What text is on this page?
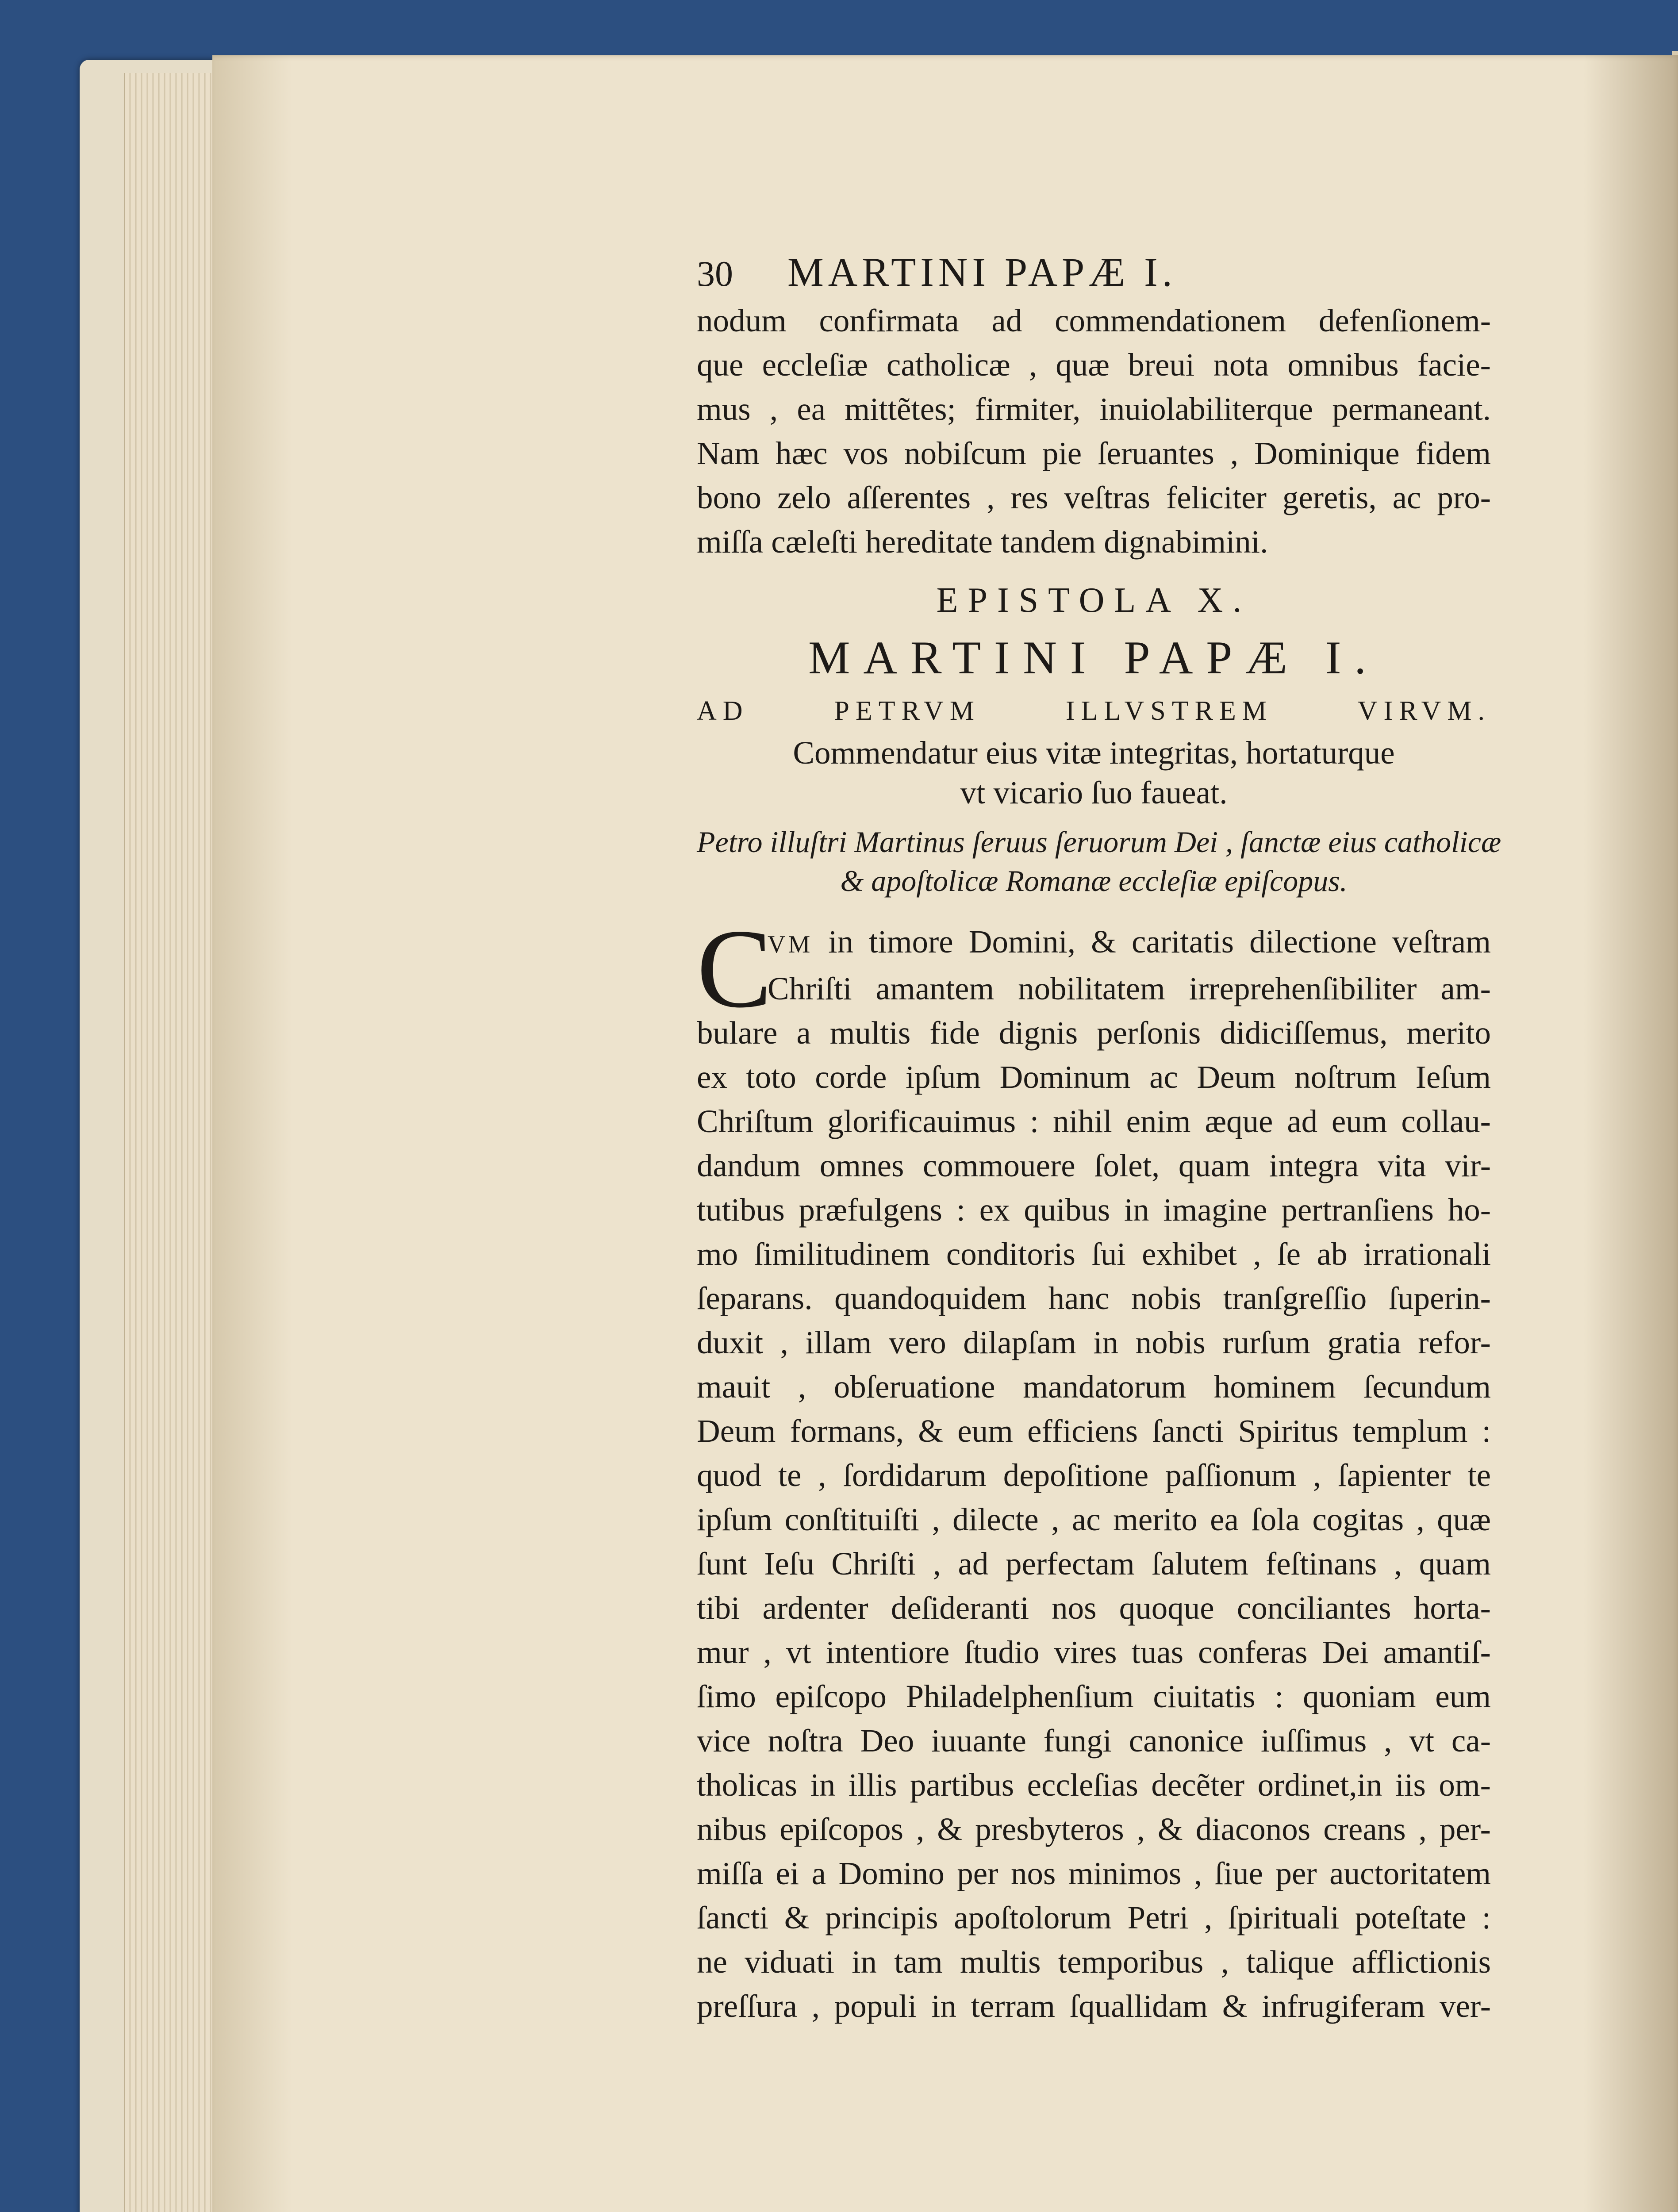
30	MARTINI PAPÆ I.
nodum confirmata ad commendationem defenſionem-
que eccleſiæ catholicæ , quæ breui nota omnibus facie-
mus , ea mittẽtes; firmiter, inuiolabiliterque permaneant.
Nam hæc vos nobiſcum pie ſeruantes , Dominique fidem
bono zelo aſſerentes , res veſtras feliciter geretis, ac pro-
miſſa cæleſti hereditate tandem dignabimini.
EPISTOLA X.
MARTINI PAPÆ I.
AD PETRVM ILLVSTREM VIRVM.
Commendatur eius vitæ integritas, hortaturque
vt vicario ſuo faueat.
Petro illuſtri Martinus ſeruus ſeruorum Dei , ſanctæ eius catholicæ
& apoſtolicæ Romanæ eccleſiæ epiſcopus.
C
VM in timore Domini, & caritatis dilectione veſtram
Chriſti amantem nobilitatem irreprehenſibiliter am-
bulare a multis fide dignis perſonis didiciſſemus, merito
ex toto corde ipſum Dominum ac Deum noſtrum Ieſum
Chriſtum glorificauimus : nihil enim æque ad eum collau-
dandum omnes commouere ſolet, quam integra vita vir-
tutibus præfulgens : ex quibus in imagine pertranſiens ho-
mo ſimilitudinem conditoris ſui exhibet , ſe ab irrationali
ſeparans. quandoquidem hanc nobis tranſgreſſio ſuperin-
duxit , illam vero dilapſam in nobis rurſum gratia refor-
mauit , obſeruatione mandatorum hominem ſecundum
Deum formans, & eum efficiens ſancti Spiritus templum :
quod te , ſordidarum depoſitione paſſionum , ſapienter te
ipſum conſtituiſti , dilecte , ac merito ea ſola cogitas , quæ
ſunt Ieſu Chriſti , ad perfectam ſalutem feſtinans , quam
tibi ardenter deſideranti nos quoque conciliantes horta-
mur , vt intentiore ſtudio vires tuas conferas Dei amantiſ-
ſimo epiſcopo Philadelphenſium ciuitatis : quoniam eum
vice noſtra Deo iuuante fungi canonice iuſſimus , vt ca-
tholicas in illis partibus eccleſias decẽter ordinet,in iis om-
nibus epiſcopos , & presbyteros , & diaconos creans , per-
miſſa ei a Domino per nos minimos , ſiue per auctoritatem
ſancti & principis apoſtolorum Petri , ſpirituali poteſtate :
ne viduati in tam multis temporibus , talique afflictionis
preſſura , populi in terram ſquallidam & infrugiferam ver-
